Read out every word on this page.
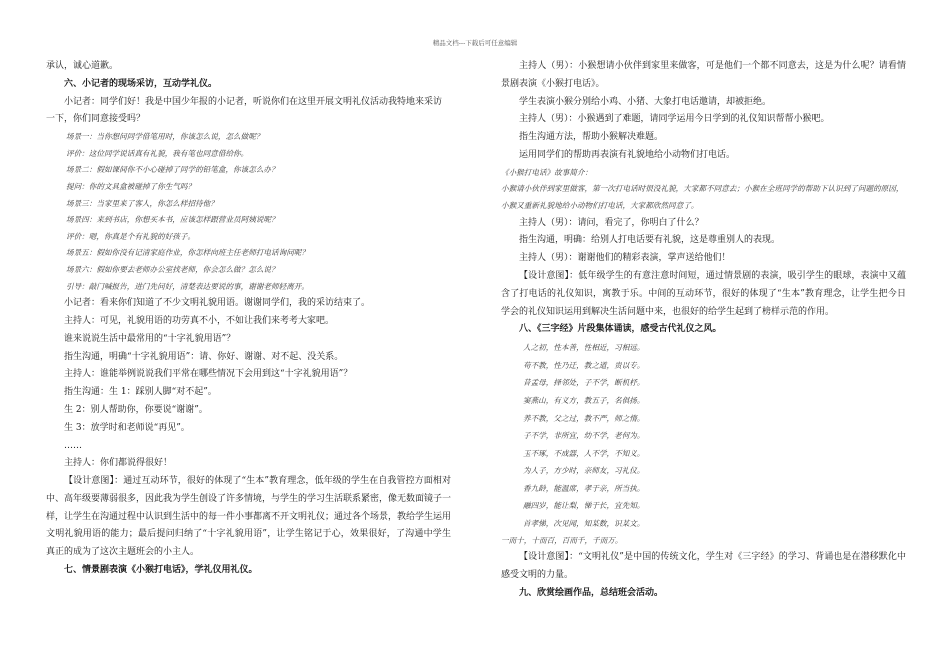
精品文档---下载后可任意编辑

承认，诚心道歉。

六、小记者的现场采访，互动学礼仪。

小记者：同学们好！我是中国少年报的小记者，听说你们在这里开展文明礼仪活动我特地来采访

一下，你们同意接受吗？

场景一：当你想问同学借笔用时，你该怎么说，怎么做呢？

评价：这位同学说话真有礼貌，我有笔也同意借给你。

场景二：假如课间你不小心碰掉了同学的铅笔盒，你该怎么办？

提问：你的文具盒被碰掉了你生气吗？

场景三：当家里来了客人，你怎么样招待他？

场景四：来到书店，你想买本书，应该怎样跟营业员阿姨说呢？

评价：嗯，你真是个有礼貌的好孩子。

场景五：假如你没有记清家庭作业，你怎样向班主任老师打电话询问呢？

场景六：假如你要去老师办公室找老师，你会怎么做？怎么说？

引导：敲门喊报告，进门先问好，清楚表达要说的事，谢谢老师轻离开。

小记者：看来你们知道了不少文明礼貌用语。谢谢同学们，我的采访结束了。

主持人：可见，礼貌用语的功劳真不小，不如让我们来考考大家吧。

谁来说说生活中最常用的“十字礼貌用语”？

指生沟通，明确“十字礼貌用语”：请、你好、谢谢、对不起、没关系。

主持人：谁能举例说说我们平常在哪些情况下会用到这“十字礼貌用语”？

指生沟通：生 1：踩别人脚“对不起”。

生 2：别人帮助你，你要说“谢谢”。

生 3：放学时和老师说“再见”。

……

主持人：你们都说得很好！

【设计意图】：通过互动环节，很好的体现了“生本”教育理念，低年级的学生在自我管控方面相对中、高年级要薄弱很多，因此我为学生创设了许多情境，与学生的学习生活联系紧密，像无数面镜子一样，让学生在沟通过程中认识到生活中的每一件小事都离不开文明礼仪；通过各个场景，教给学生运用文明礼貌用语的能力；最后提问归纳了“十字礼貌用语”，让学生铭记于心，效果很好，了沟通中学生真正的成为了这次主题班会的小主人。

七、情景剧表演《小猴打电话》，学礼仪用礼仪。

主持人（男）：小猴想请小伙伴到家里来做客，可是他们一个都不同意去，这是为什么呢？请看情景剧表演《小猴打电话》。

学生表演小猴分别给小鸡、小猪、大象打电话邀请，却被拒绝。

主持人（男）：小猴遇到了难题，请同学运用今日学到的礼仪知识帮帮小猴吧。

指生沟通方法，帮助小猴解决难题。

运用同学们的帮助再表演有礼貌地给小动物们打电话。

《小猴打电话》故事简介：

小猴请小伙伴到家里做客，第一次打电话时很没礼貌，大家都不同意去；小猴在全班同学的帮助下认识到了问题的原因，小猴又重新礼貌地给小动物们打电话，大家都欣然同意了。

主持人（男）：请问，看完了，你明白了什么？

指生沟通，明确：给别人打电话要有礼貌，这是尊重别人的表现。

主持人（男）：谢谢他们的精彩表演，掌声送给他们！

【设计意图】：低年级学生的有意注意时间短，通过情景剧的表演，吸引学生的眼球，表演中又蕴含了打电话的礼仪知识，寓教于乐。中间的互动环节，很好的体现了“生本”教育理念，让学生把今日学会的礼仪知识运用到解决生活问题中来，也很好的给学生起到了榜样示范的作用。

八、《三字经》片段集体诵读，感受古代礼仪之风。

人之初，性本善，性相近，习相远。

苟不教，性乃迁，教之道，贵以专。

昔孟母，择邻处，子不学，断机杼。

窦燕山，有义方，教五子，名俱扬。

养不教，父之过，教不严，师之惰。

子不学，非所宜，幼不学，老何为。

玉不琢，不成器，人不学，不知义。

为人子，方少时，亲师友，习礼仪。

香九龄，能温席，孝于亲，所当执。

融四岁，能让梨，悌于长，宜先知。

首孝悌，次见闻，知某数，识某文。

一而十，十而百，百而千，千而万。

【设计意图】：“文明礼仪”是中国的传统文化，学生对《三字经》的学习、背诵也是在潜移默化中感受文明的力量。

九、欣赏绘画作品，总结班会活动。
